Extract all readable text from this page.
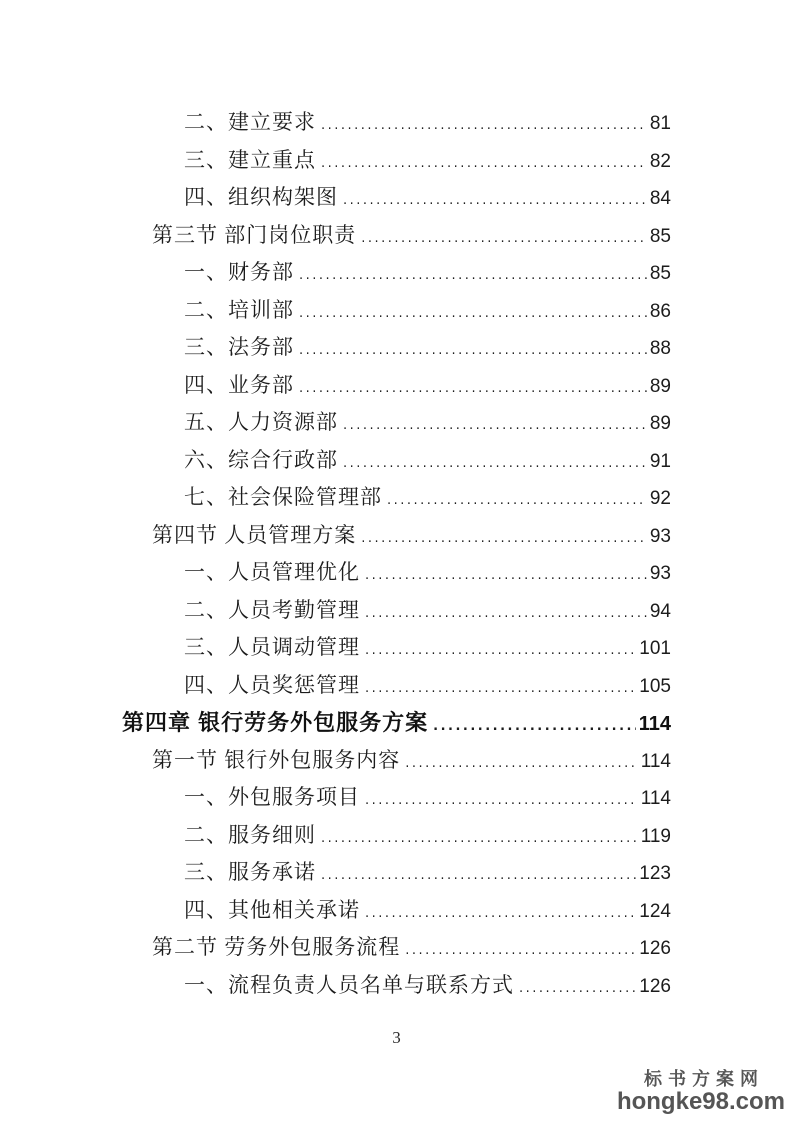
二、建立要求 .....	81
三、建立重点 .....	82
四、组织构架图 .....	84
第三节 部门岗位职责 .....	85
一、财务部 .....	85
二、培训部 .....	86
三、法务部 .....	88
四、业务部 .....	89
五、人力资源部 .....	89
六、综合行政部 .....	91
七、社会保险管理部 .....	92
第四节 人员管理方案 .....	93
一、人员管理优化 .....	93
二、人员考勤管理 .....	94
三、人员调动管理 .....	101
四、人员奖惩管理 .....	105
第四章 银行劳务外包服务方案 .....	114
第一节 银行外包服务内容 .....	114
一、外包服务项目 .....	114
二、服务细则 .....	119
三、服务承诺 .....	123
四、其他相关承诺 .....	124
第二节 劳务外包服务流程 .....	126
一、流程负责人员名单与联系方式 .....	126
3
标书方案网
hongke98.com
